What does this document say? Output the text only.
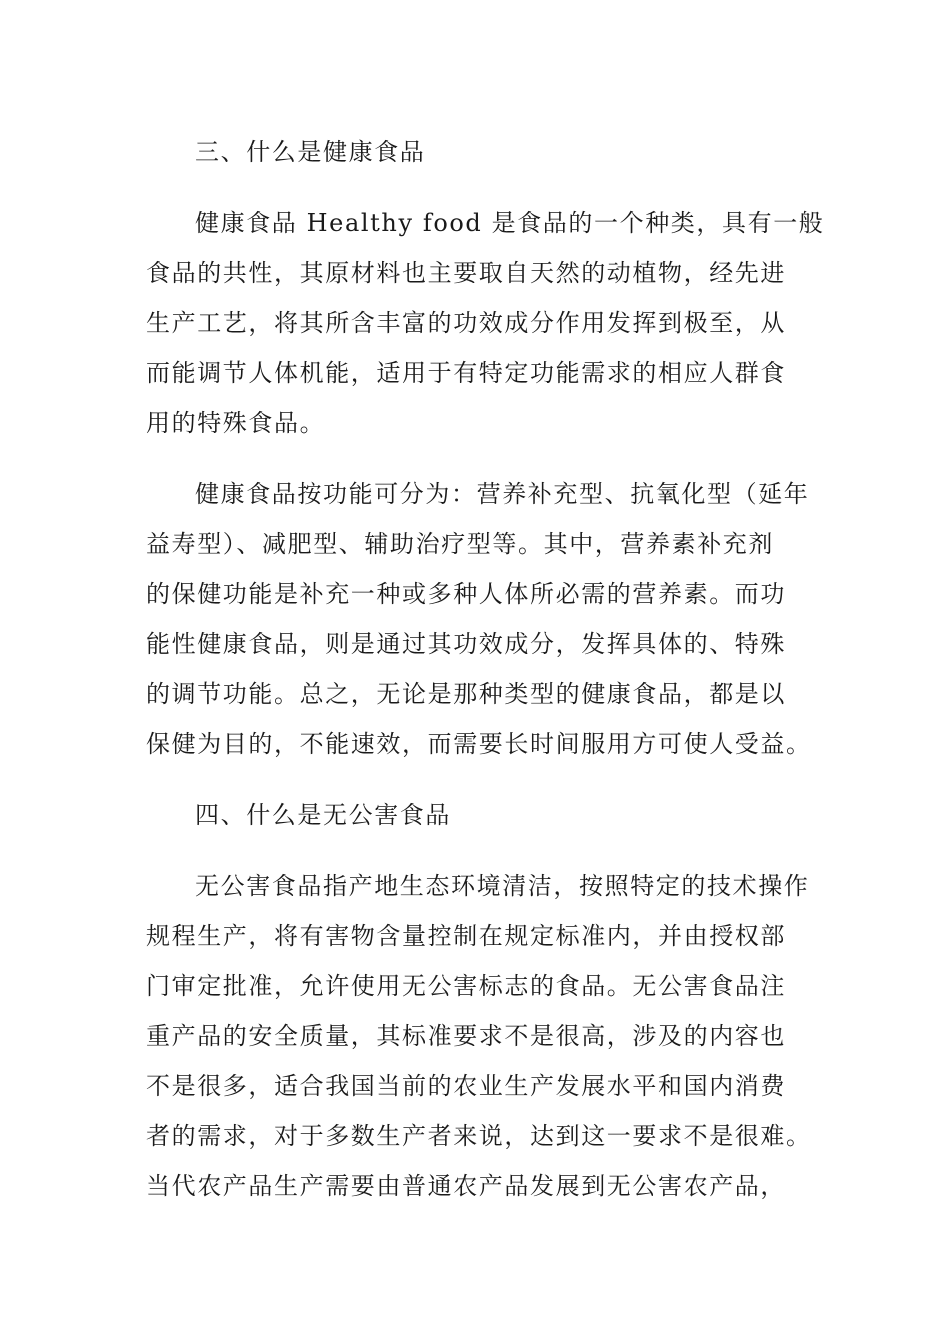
三、什么是健康食品
健康食品 Healthy food 是食品的一个种类，具有一般
食品的共性，其原材料也主要取自天然的动植物，经先进
生产工艺，将其所含丰富的功效成分作用发挥到极至，从
而能调节人体机能，适用于有特定功能需求的相应人群食
用的特殊食品。
健康食品按功能可分为：营养补充型、抗氧化型（延年
益寿型）、减肥型、辅助治疗型等。其中，营养素补充剂
的保健功能是补充一种或多种人体所必需的营养素。而功
能性健康食品，则是通过其功效成分，发挥具体的、特殊
的调节功能。总之，无论是那种类型的健康食品，都是以
保健为目的，不能速效，而需要长时间服用方可使人受益。
四、什么是无公害食品
无公害食品指产地生态环境清洁，按照特定的技术操作
规程生产，将有害物含量控制在规定标准内，并由授权部
门审定批准，允许使用无公害标志的食品。无公害食品注
重产品的安全质量，其标准要求不是很高，涉及的内容也
不是很多，适合我国当前的农业生产发展水平和国内消费
者的需求，对于多数生产者来说，达到这一要求不是很难。
当代农产品生产需要由普通农产品发展到无公害农产品，
